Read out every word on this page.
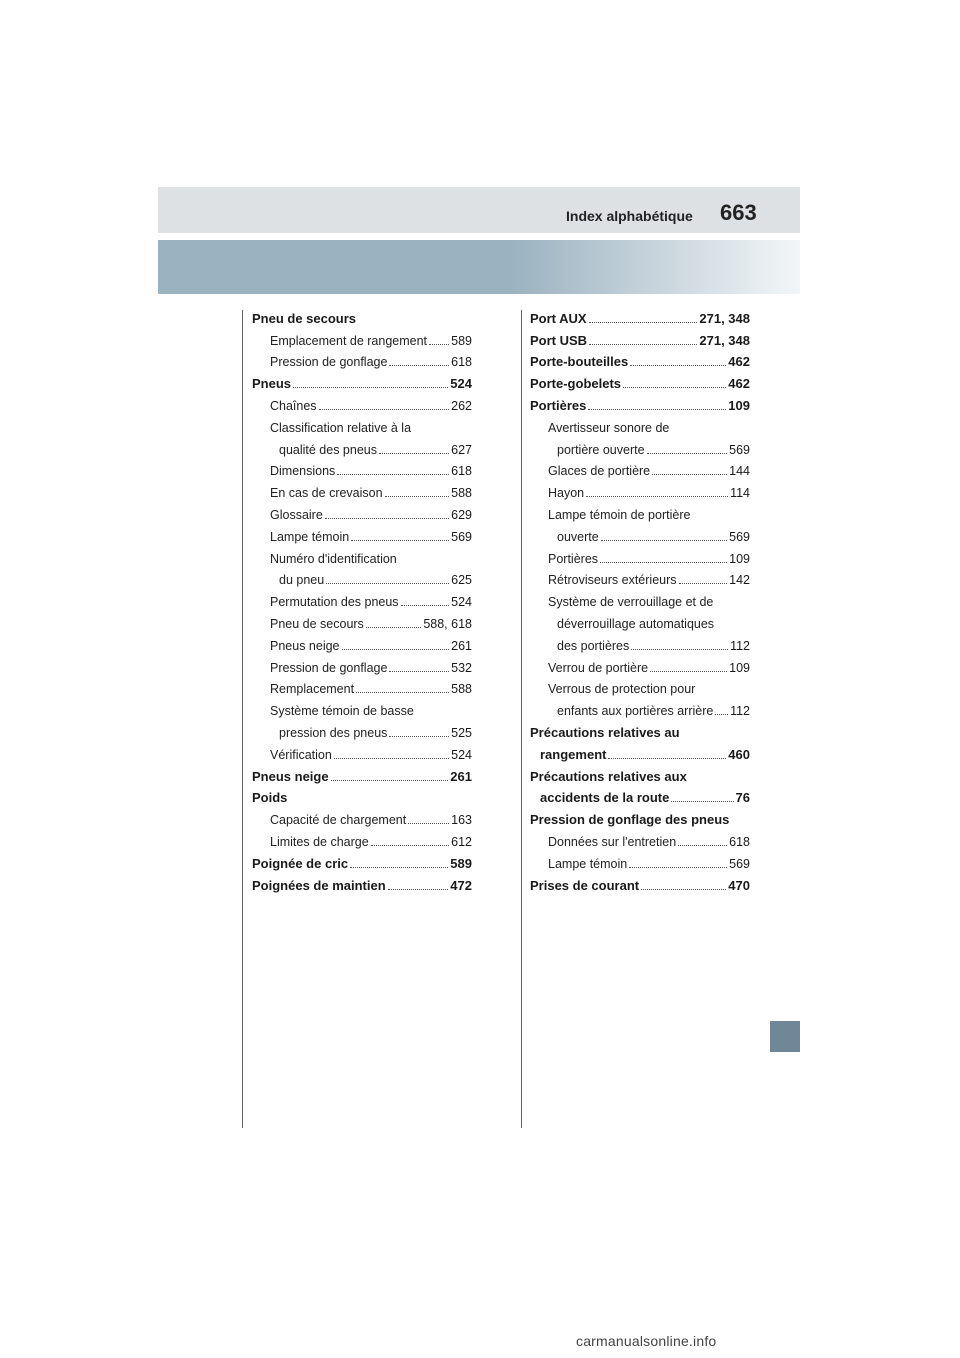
Index alphabétique 663
Pneu de secours
Emplacement de rangement 589
Pression de gonflage	618
Pneus	524
Chaînes	262
Classification relative à la
qualité des pneus	627
Dimensions	618
En cas de crevaison	588
Glossaire	629
Lampe témoin	569
Numéro d'identification
du pneu	625
Permutation des pneus	524
Pneu de secours	588, 618
Pneus neige	261
Pression de gonflage	532
Remplacement	588
Système témoin de basse
pression des pneus	525
Vérification	524
Pneus neige	261
Poids
Capacité de chargement	163
Limites de charge	612
Poignée de cric	589
Poignées de maintien	472
Port AUX	271, 348
Port USB	271, 348
Porte-bouteilles	462
Porte-gobelets	462
Portières	109
Avertisseur sonore de
portière ouverte	569
Glaces de portière	144
Hayon	114
Lampe témoin de portière
ouverte	569
Portières	109
Rétroviseurs extérieurs	142
Système de verrouillage et de
déverrouillage automatiques
des portières	112
Verrou de portière	109
Verrous de protection pour
enfants aux portières arrière 112
Précautions relatives au
rangement	460
Précautions relatives aux
accidents de la route	76
Pression de gonflage des pneus
Données sur l'entretien	618
Lampe témoin	569
Prises de courant	470
carmanualsonline.info
